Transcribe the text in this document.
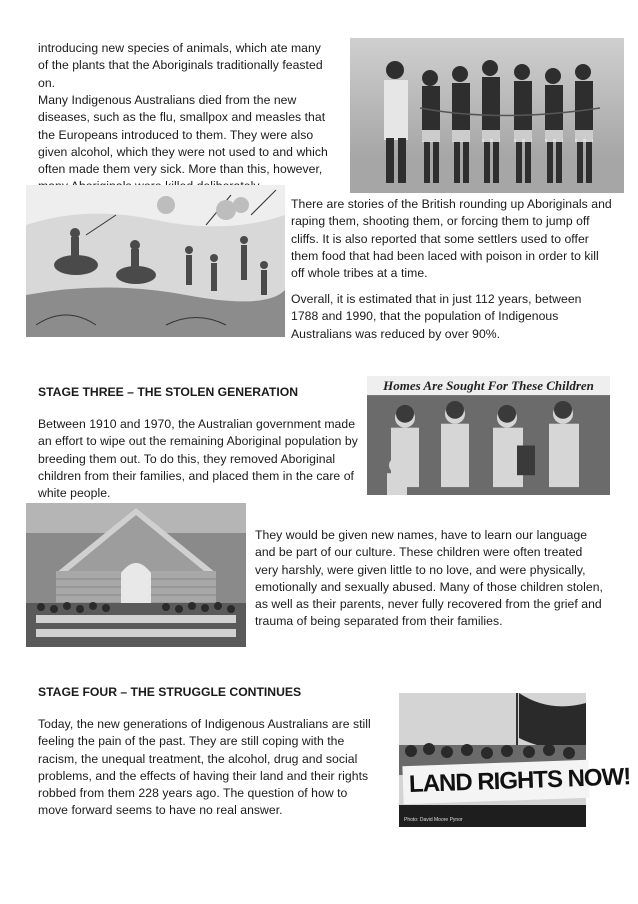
introducing new species of animals, which ate many of the plants that the Aboriginals traditionally feasted on.

Many Indigenous Australians died from the new diseases, such as the flu, smallpox and measles that the Europeans introduced to them. They were also given alcohol, which they were not used to and which often made them very sick. More than this, however,

There are stories of the British rounding up Aboriginals and raping them, shooting them, or forcing them to jump off cliffs. It is also reported that some settlers used to offer them food that had been laced with poison in order to kill off whole tribes at a time.

Overall, it is estimated that in just 112 years, between 1788 and 1990, that the population of Indigenous Australians was reduced by over 90%.

STAGE THREE – THE STOLEN GENERATION

Between 1910 and 1970, the Australian government made an effort to wipe out the remaining Aboriginal population by breeding them out. To do this, they removed Aboriginal children from their families, and placed them in the care of white people.

Homes Are Sought For These Children

They would be given new names, have to learn our language and be part of our culture. These children were often treated very harshly, were given little to no love, and were physically, emotionally and sexually abused. Many of those children stolen, as well as their parents, never fully recovered from the grief and trauma of being separated from their families.

STAGE FOUR – THE STRUGGLE CONTINUES

Today, the new generations of Indigenous Australians are still feeling the pain of the past. They are still coping with the racism, the unequal treatment, the alcohol, drug and social problems, and the effects of having their land and their rights robbed from them 228 years ago. The question of how to move forward seems to have no real answer.

LAND RIGHTS NOW!
Photo: David Moore Pynor
